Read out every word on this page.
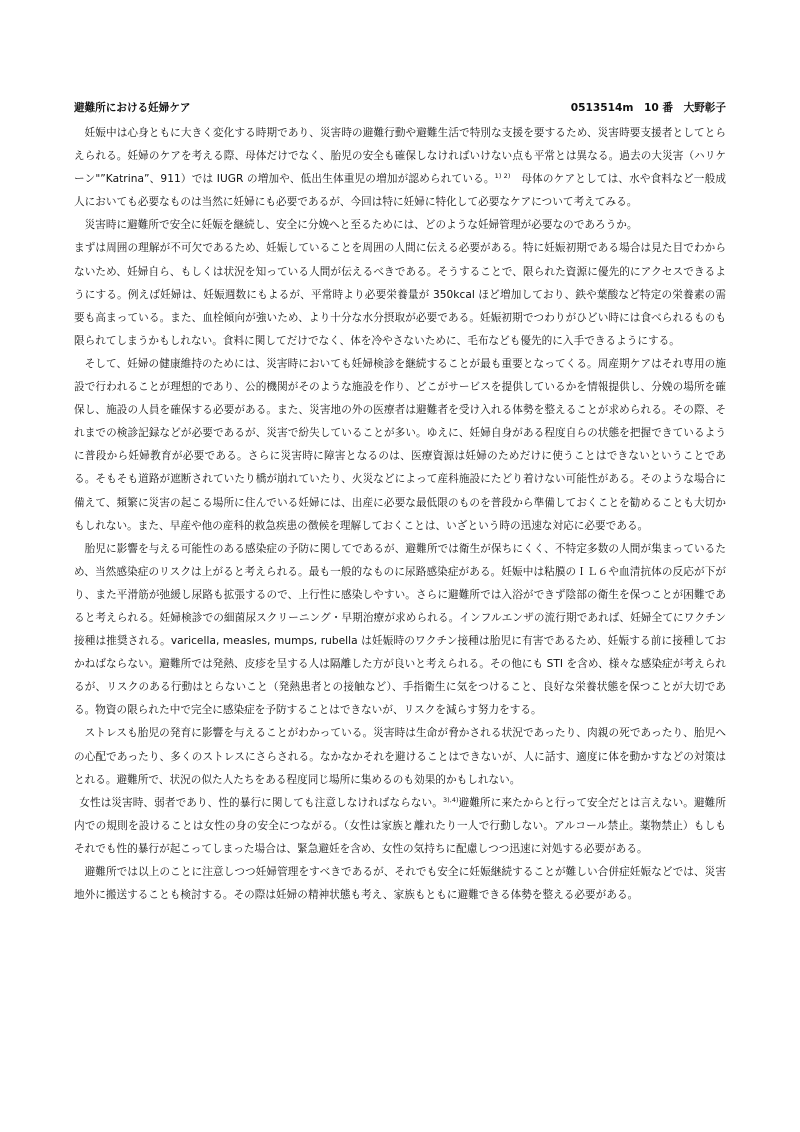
避難所における妊婦ケア	0513514m　10 番　大野彰子

妊娠中は心身ともに大きく変化する時期であり、災害時の避難行動や避難生活で特別な支援を要するため、災害時要支援者としてとらえられる。妊婦のケアを考える際、母体だけでなく、胎児の安全も確保しなければいけない点も平常とは異なる。過去の大災害（ハリケーン"”Katrina”、911）では IUGR の増加や、低出生体重児の増加が認められている。$^{1) 2)}$　母体のケアとしては、水や食料など一般成人においても必要なものは当然に妊婦にも必要であるが、今回は特に妊婦に特化して必要なケアについて考えてみる。

災害時に避難所で安全に妊娠を継続し、安全に分娩へと至るためには、どのような妊婦管理が必要なのであろうか。

まずは周囲の理解が不可欠であるため、妊娠していることを周囲の人間に伝える必要がある。特に妊娠初期である場合は見た目でわからないため、妊婦自ら、もしくは状況を知っている人間が伝えるべきである。そうすることで、限られた資源に優先的にアクセスできるようにする。例えば妊婦は、妊娠週数にもよるが、平常時より必要栄養量が 350kcal ほど増加しており、鉄や葉酸など特定の栄養素の需要も高まっている。また、血栓傾向が強いため、より十分な水分摂取が必要である。妊娠初期でつわりがひどい時には食べられるものも限られてしまうかもしれない。食料に関してだけでなく、体を冷やさないために、毛布なども優先的に入手できるようにする。

そして、妊婦の健康維持のためには、災害時においても妊婦検診を継続することが最も重要となってくる。周産期ケアはそれ専用の施設で行われることが理想的であり、公的機関がそのような施設を作り、どこがサービスを提供しているかを情報提供し、分娩の場所を確保し、施設の人員を確保する必要がある。また、災害地の外の医療者は避難者を受け入れる体勢を整えることが求められる。その際、それまでの検診記録などが必要であるが、災害で紛失していることが多い。ゆえに、妊婦自身がある程度自らの状態を把握できているように普段から妊婦教育が必要である。さらに災害時に障害となるのは、医療資源は妊婦のためだけに使うことはできないということである。そもそも道路が遮断されていたり橋が崩れていたり、火災などによって産科施設にたどり着けない可能性がある。そのような場合に備えて、頻繁に災害の起こる場所に住んでいる妊婦には、出産に必要な最低限のものを普段から準備しておくことを勧めることも大切かもしれない。また、早産や他の産科的救急疾患の徴候を理解しておくことは、いざという時の迅速な対応に必要である。

胎児に影響を与える可能性のある感染症の予防に関してであるが、避難所では衛生が保ちにくく、不特定多数の人間が集まっているため、当然感染症のリスクは上がると考えられる。最も一般的なものに尿路感染症がある。妊娠中は粘膜のＩＬ６や血清抗体の反応が下がり、また平滑筋が弛緩し尿路も拡張するので、上行性に感染しやすい。さらに避難所では入浴ができず陰部の衛生を保つことが困難であると考えられる。妊婦検診での細菌尿スクリーニング・早期治療が求められる。インフルエンザの流行期であれば、妊婦全てにワクチン接種は推奨される。varicella, measles, mumps, rubella は妊娠時のワクチン接種は胎児に有害であるため、妊娠する前に接種しておかねばならない。避難所では発熱、皮疹を呈する人は隔離した方が良いと考えられる。その他にも STI を含め、様々な感染症が考えられるが、リスクのある行動はとらないこと（発熱患者との接触など）、手指衛生に気をつけること、良好な栄養状態を保つことが大切である。物資の限られた中で完全に感染症を予防することはできないが、リスクを減らす努力をする。

ストレスも胎児の発育に影響を与えることがわかっている。災害時は生命が脅かされる状況であったり、肉親の死であったり、胎児への心配であったり、多くのストレスにさらされる。なかなかそれを避けることはできないが、人に話す、適度に体を動かすなどの対策はとれる。避難所で、状況の似た人たちをある程度同じ場所に集めるのも効果的かもしれない。

女性は災害時、弱者であり、性的暴行に関しても注意しなければならない。$^{3),4)}$避難所に来たからと行って安全だとは言えない。避難所内での規則を設けることは女性の身の安全につながる。（女性は家族と離れたり一人で行動しない。アルコール禁止。薬物禁止）もしもそれでも性的暴行が起こってしまった場合は、緊急避妊を含め、女性の気持ちに配慮しつつ迅速に対処する必要がある。

避難所では以上のことに注意しつつ妊婦管理をすべきであるが、それでも安全に妊娠継続することが難しい合併症妊娠などでは、災害地外に搬送することも検討する。その際は妊婦の精神状態も考え、家族もともに避難できる体勢を整える必要がある。
